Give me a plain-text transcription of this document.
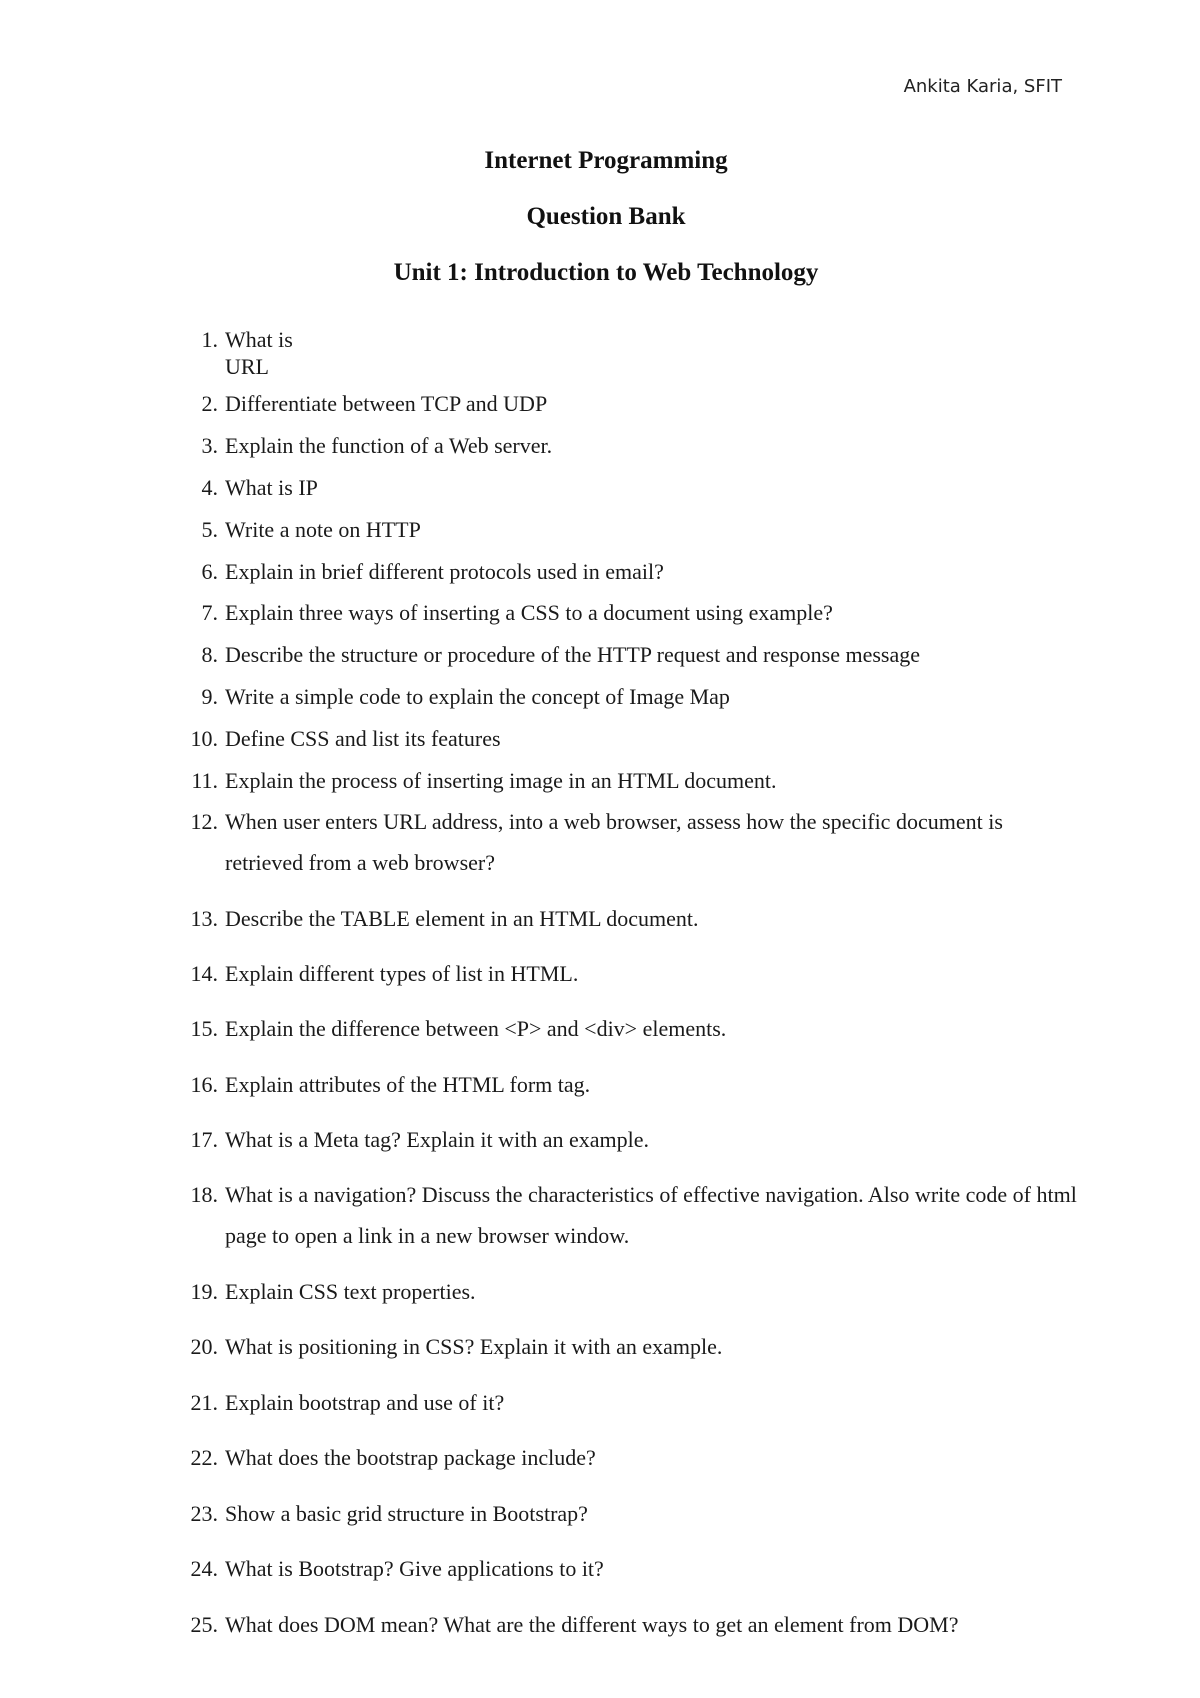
Ankita Karia, SFIT

Internet Programming

Question Bank

Unit 1: Introduction to Web Technology

1. What is URL
2. Differentiate between TCP and UDP
3. Explain the function of a Web server.
4. What is IP
5. Write a note on HTTP
6. Explain in brief different protocols used in email?
7. Explain three ways of inserting a CSS to a document using example?
8. Describe the structure or procedure of the HTTP request and response message
9. Write a simple code to explain the concept of Image Map
10. Define CSS and list its features
11. Explain the process of inserting image in an HTML document.
12. When user enters URL address, into a web browser, assess how the specific document is retrieved from a web browser?
13. Describe the TABLE element in an HTML document.
14. Explain different types of list in HTML.
15. Explain the difference between <P> and <div> elements.
16. Explain attributes of the HTML form tag.
17. What is a Meta tag? Explain it with an example.
18. What is a navigation? Discuss the characteristics of effective navigation. Also write code of html page to open a link in a new browser window.
19. Explain CSS text properties.
20. What is positioning in CSS? Explain it with an example.
21. Explain bootstrap and use of it?
22. What does the bootstrap package include?
23. Show a basic grid structure in Bootstrap?
24. What is Bootstrap? Give applications to it?
25. What does DOM mean? What are the different ways to get an element from DOM?
